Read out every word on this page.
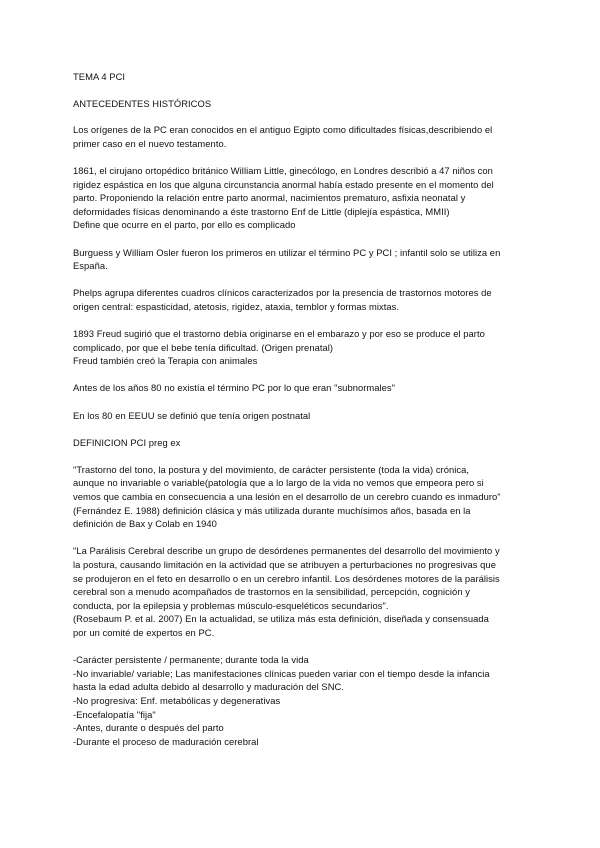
TEMA 4 PCI

ANTECEDENTES HISTÓRICOS

Los orígenes de la PC eran conocidos en el antiguo Egipto como dificultades físicas,describiendo el
primer caso en el nuevo testamento.

1861, el cirujano ortopédico británico William Little, ginecólogo, en Londres describió a 47 niños con
rigidez espástica en los que alguna circunstancia anormal había estado presente en el momento del
parto. Proponiendo la relación entre parto anormal, nacimientos prematuro, asfixia neonatal y
deformidades físicas denominando a éste trastorno Enf de Little (diplejía espástica, MMII)
Define que ocurre en el parto, por ello es complicado

Burguess y William Osler fueron los primeros en utilizar el término PC y PCI ; infantil solo se utiliza en
España.

Phelps agrupa diferentes cuadros clínicos caracterizados por la presencia de trastornos motores de
origen central: espasticidad, atetosis, rigidez, ataxia, temblor y formas mixtas.

1893 Freud sugirió que el trastorno debía originarse en el embarazo y por eso se produce el parto
complicado, por que el bebe tenía dificultad. (Origen prenatal)
Freud también creó la Terapia con animales

Antes de los años 80 no existía el término PC por lo que eran "subnormales"

En los 80 en EEUU se definió que tenía origen postnatal

DEFINICION PCI preg ex

"Trastorno del tono, la postura y del movimiento, de carácter persistente (toda la vida) crónica,
aunque no invariable o variable(patología que a lo largo de la vida no vemos que empeora pero si
vemos que cambia en consecuencia a una lesión en el desarrollo de un cerebro cuando es inmaduro"
(Fernández E. 1988) definición clásica y más utilizada durante muchísimos años, basada en la
definición de Bax y Colab en 1940

"La Parálisis Cerebral describe un grupo de desórdenes permanentes del desarrollo del movimiento y
la postura, causando limitación en la actividad que se atribuyen a perturbaciones no progresivas que
se produjeron en el feto en desarrollo o en un cerebro infantil. Los desórdenes motores de la parálisis
cerebral son a menudo acompañados de trastornos en la sensibilidad, percepción, cognición y
conducta, por la epilepsia y problemas músculo-esqueléticos secundarios".
(Rosebaum P. et al. 2007) En la actualidad, se utiliza más esta definición, diseñada y consensuada
por un comité de expertos en PC.

-Carácter persistente / permanente; durante toda la vida
-No invariable/ variable; Las manifestaciones clínicas pueden variar con el tiempo desde la infancia
hasta la edad adulta debido al desarrollo y maduración del SNC.
-No progresiva: Enf. metabólicas y degenerativas
-Encefalopatía "fija"
-Antes, durante o después del parto
-Durante el proceso de maduración cerebral
